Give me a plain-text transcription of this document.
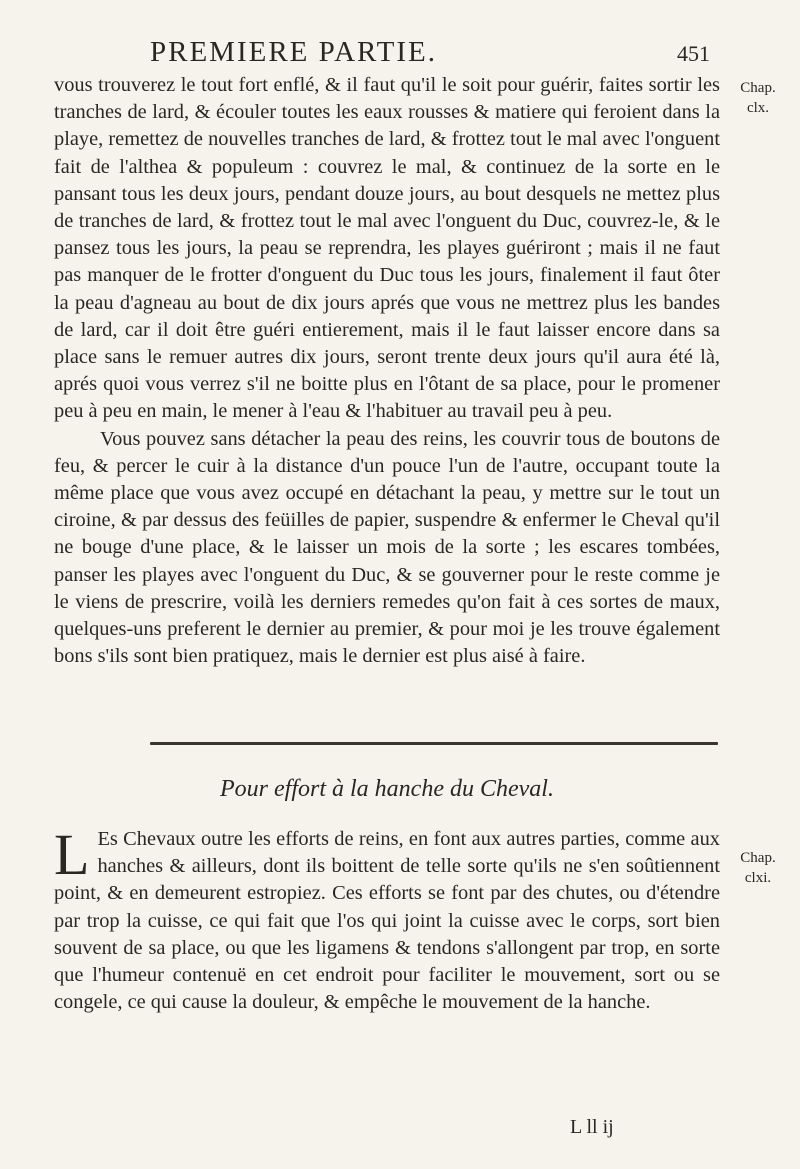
PREMIERE PARTIE.	451
Chap. clx.

vous trouverez le tout fort enflé, & il faut qu'il le soit pour guérir, faites sortir les tranches de lard, & écouler toutes les eaux rousses & matiere qui feroient dans la playe, remettez de nouvelles tranches de lard, & frottez tout le mal avec l'onguent fait de l'althea & populeum : couvrez le mal, & continuez de la sorte en le pansant tous les deux jours, pendant douze jours, au bout desquels ne mettez plus de tranches de lard, & frottez tout le mal avec l'onguent du Duc, couvrez-le, & le pansez tous les jours, la peau se reprendra, les playes guériront ; mais il ne faut pas manquer de le frotter d'onguent du Duc tous les jours, finalement il faut ôter la peau d'agneau au bout de dix jours aprés que vous ne mettrez plus les bandes de lard, car il doit être guéri entierement, mais il le faut laisser encore dans sa place sans le remuer autres dix jours, seront trente deux jours qu'il aura été là, aprés quoi vous verrez s'il ne boitte plus en l'ôtant de sa place, pour le promener peu à peu en main, le mener à l'eau & l'habituer au travail peu à peu.

Vous pouvez sans détacher la peau des reins, les couvrir tous de boutons de feu, & percer le cuir à la distance d'un pouce l'un de l'autre, occupant toute la même place que vous avez occupé en détachant la peau, y mettre sur le tout un ciroine, & par dessus des feüilles de papier, suspendre & enfermer le Cheval qu'il ne bouge d'une place, & le laisser un mois de la sorte ; les escares tombées, panser les playes avec l'onguent du Duc, & se gouverner pour le reste comme je le viens de prescrire, voilà les derniers remedes qu'on fait à ces sortes de maux, quelques-uns preferent le dernier au premier, & pour moi je les trouve également bons s'ils sont bien pratiquez, mais le dernier est plus aisé à faire.

Pour effort à la hanche du Cheval.
Chap. clxi.

L Es Chevaux outre les efforts de reins, en font aux autres parties, comme aux hanches & ailleurs, dont ils boittent de telle sorte qu'ils ne s'en soûtiennent point, & en demeurent estropiez. Ces efforts se font par des chutes, ou d'étendre par trop la cuisse, ce qui fait que l'os qui joint la cuisse avec le corps, sort bien souvent de sa place, ou que les ligamens & tendons s'allongent par trop, en sorte que l'humeur contenuë en cet endroit pour faciliter le mouvement, sort ou se congele, ce qui cause la douleur, & empêche le mouvement de la hanche.

L ll ij
